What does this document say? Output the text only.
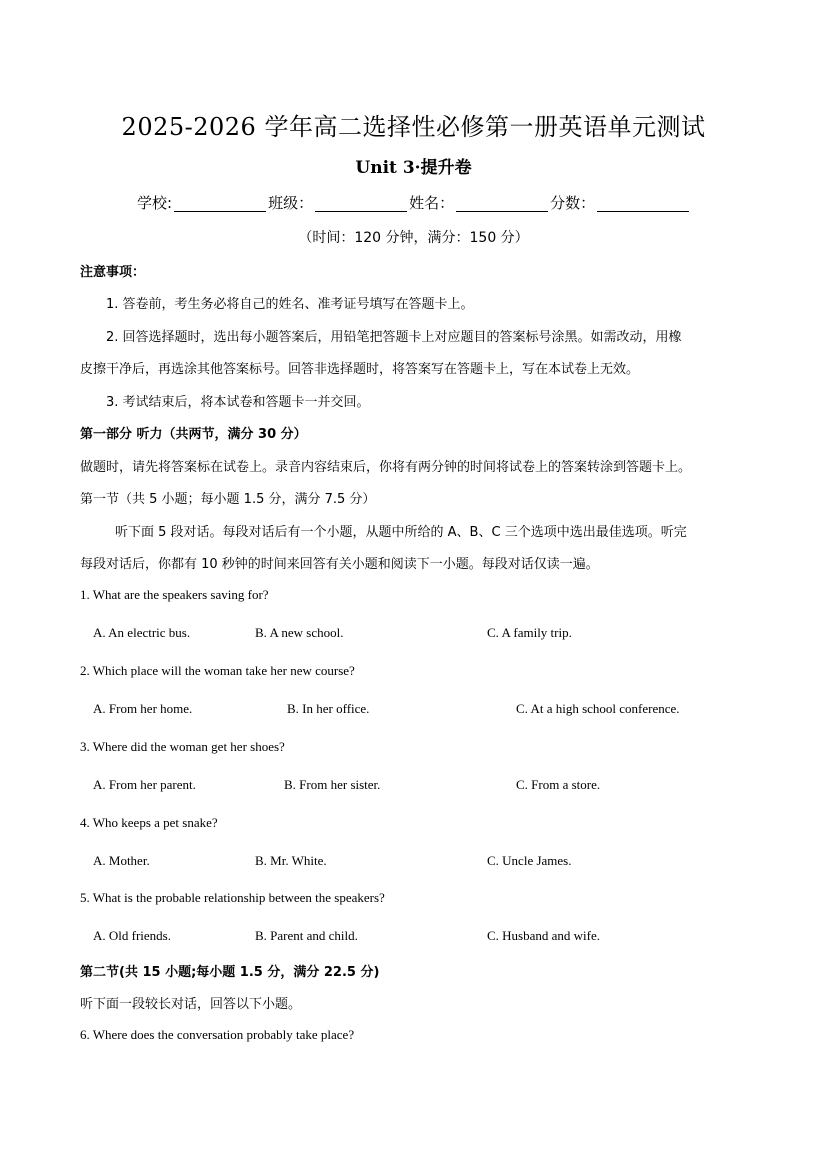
2025-2026 学年高二选择性必修第一册英语单元测试
Unit 3·提升卷
学校:	班级：	姓名：	分数：
（时间：120 分钟，满分：150 分）
注意事项：
1. 答卷前，考生务必将自己的姓名、准考证号填写在答题卡上。
2. 回答选择题时，选出每小题答案后，用铅笔把答题卡上对应题目的答案标号涂黑。如需改动，用橡
皮擦干净后，再选涂其他答案标号。回答非选择题时，将答案写在答题卡上，写在本试卷上无效。
3. 考试结束后，将本试卷和答题卡一并交回。
第一部分 听力（共两节，满分 30 分）
做题时，请先将答案标在试卷上。录音内容结束后，你将有两分钟的时间将试卷上的答案转涂到答题卡上。
第一节（共 5 小题；每小题 1.5 分，满分 7.5 分）
听下面 5 段对话。每段对话后有一个小题，从题中所给的 A、B、C 三个选项中选出最佳选项。听完
每段对话后，你都有 10 秒钟的时间来回答有关小题和阅读下一小题。每段对话仅读一遍。
1. What are the speakers saving for?
A. An electric bus.	B. A new school.	C. A family trip.
2. Which place will the woman take her new course?
A. From her home.	B. In her office.	C. At a high school conference.
3. Where did the woman get her shoes?
A. From her parent.	B. From her sister.	C. From a store.
4. Who keeps a pet snake?
A. Mother.	B. Mr. White.	C. Uncle James.
5. What is the probable relationship between the speakers?
A. Old friends.	B. Parent and child.	C. Husband and wife.
第二节(共 15 小题;每小题 1.5 分，满分 22.5 分)
听下面一段较长对话，回答以下小题。
6. Where does the conversation probably take place?
